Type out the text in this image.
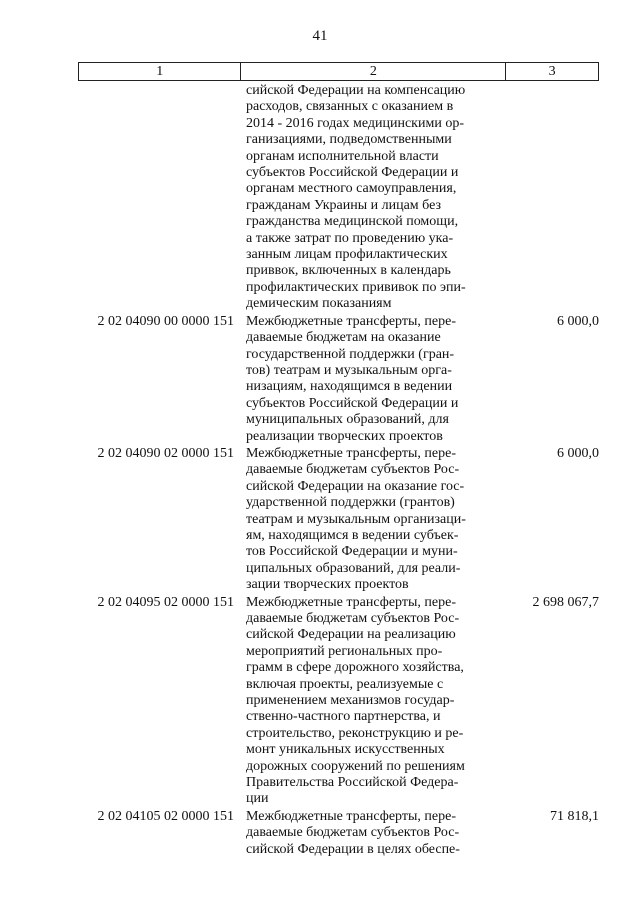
41
1	2	3
сийской Федерации на компенсацию
расходов, связанных с оказанием в
2014 - 2016 годах медицинскими ор-
ганизациями, подведомственными
органам исполнительной власти
субъектов Российской Федерации и
органам местного самоуправления,
гражданам Украины и лицам без
гражданства медицинской помощи,
а также затрат по проведению ука-
занным лицам профилактических
приввок, включенных в календарь
профилактических прививок по эпи-
демическим показаниям
2 02 04090 00 0000 151 Межбюджетные трансферты, пере-
даваемые бюджетам на оказание
государственной поддержки (гран-
тов) театрам и музыкальным орга-
низациям, находящимся в ведении
субъектов Российской Федерации и
муниципальных образований, для
реализации творческих проектов
6 000,0
2 02 04090 02 0000 151 Межбюджетные трансферты, пере-
даваемые бюджетам субъектов Рос-
сийской Федерации на оказание гос-
ударственной поддержки (грантов)
театрам и музыкальным организаци-
ям, находящимся в ведении субъек-
тов Российской Федерации и муни-
ципальных образований, для реали-
зации творческих проектов
6 000,0
2 02 04095 02 0000 151 Межбюджетные трансферты, пере-
даваемые бюджетам субъектов Рос-
сийской Федерации на реализацию
мероприятий региональных про-
грамм в сфере дорожного хозяйства,
включая проекты, реализуемые с
применением механизмов государ-
ственно-частного партнерства, и
строительство, реконструкцию и ре-
монт уникальных искусственных
дорожных сооружений по решениям
Правительства Российской Федера-
ции
2 698 067,7
2 02 04105 02 0000 151 Межбюджетные трансферты, пере-
даваемые бюджетам субъектов Рос-
сийской Федерации в целях обеспе-
71 818,1
